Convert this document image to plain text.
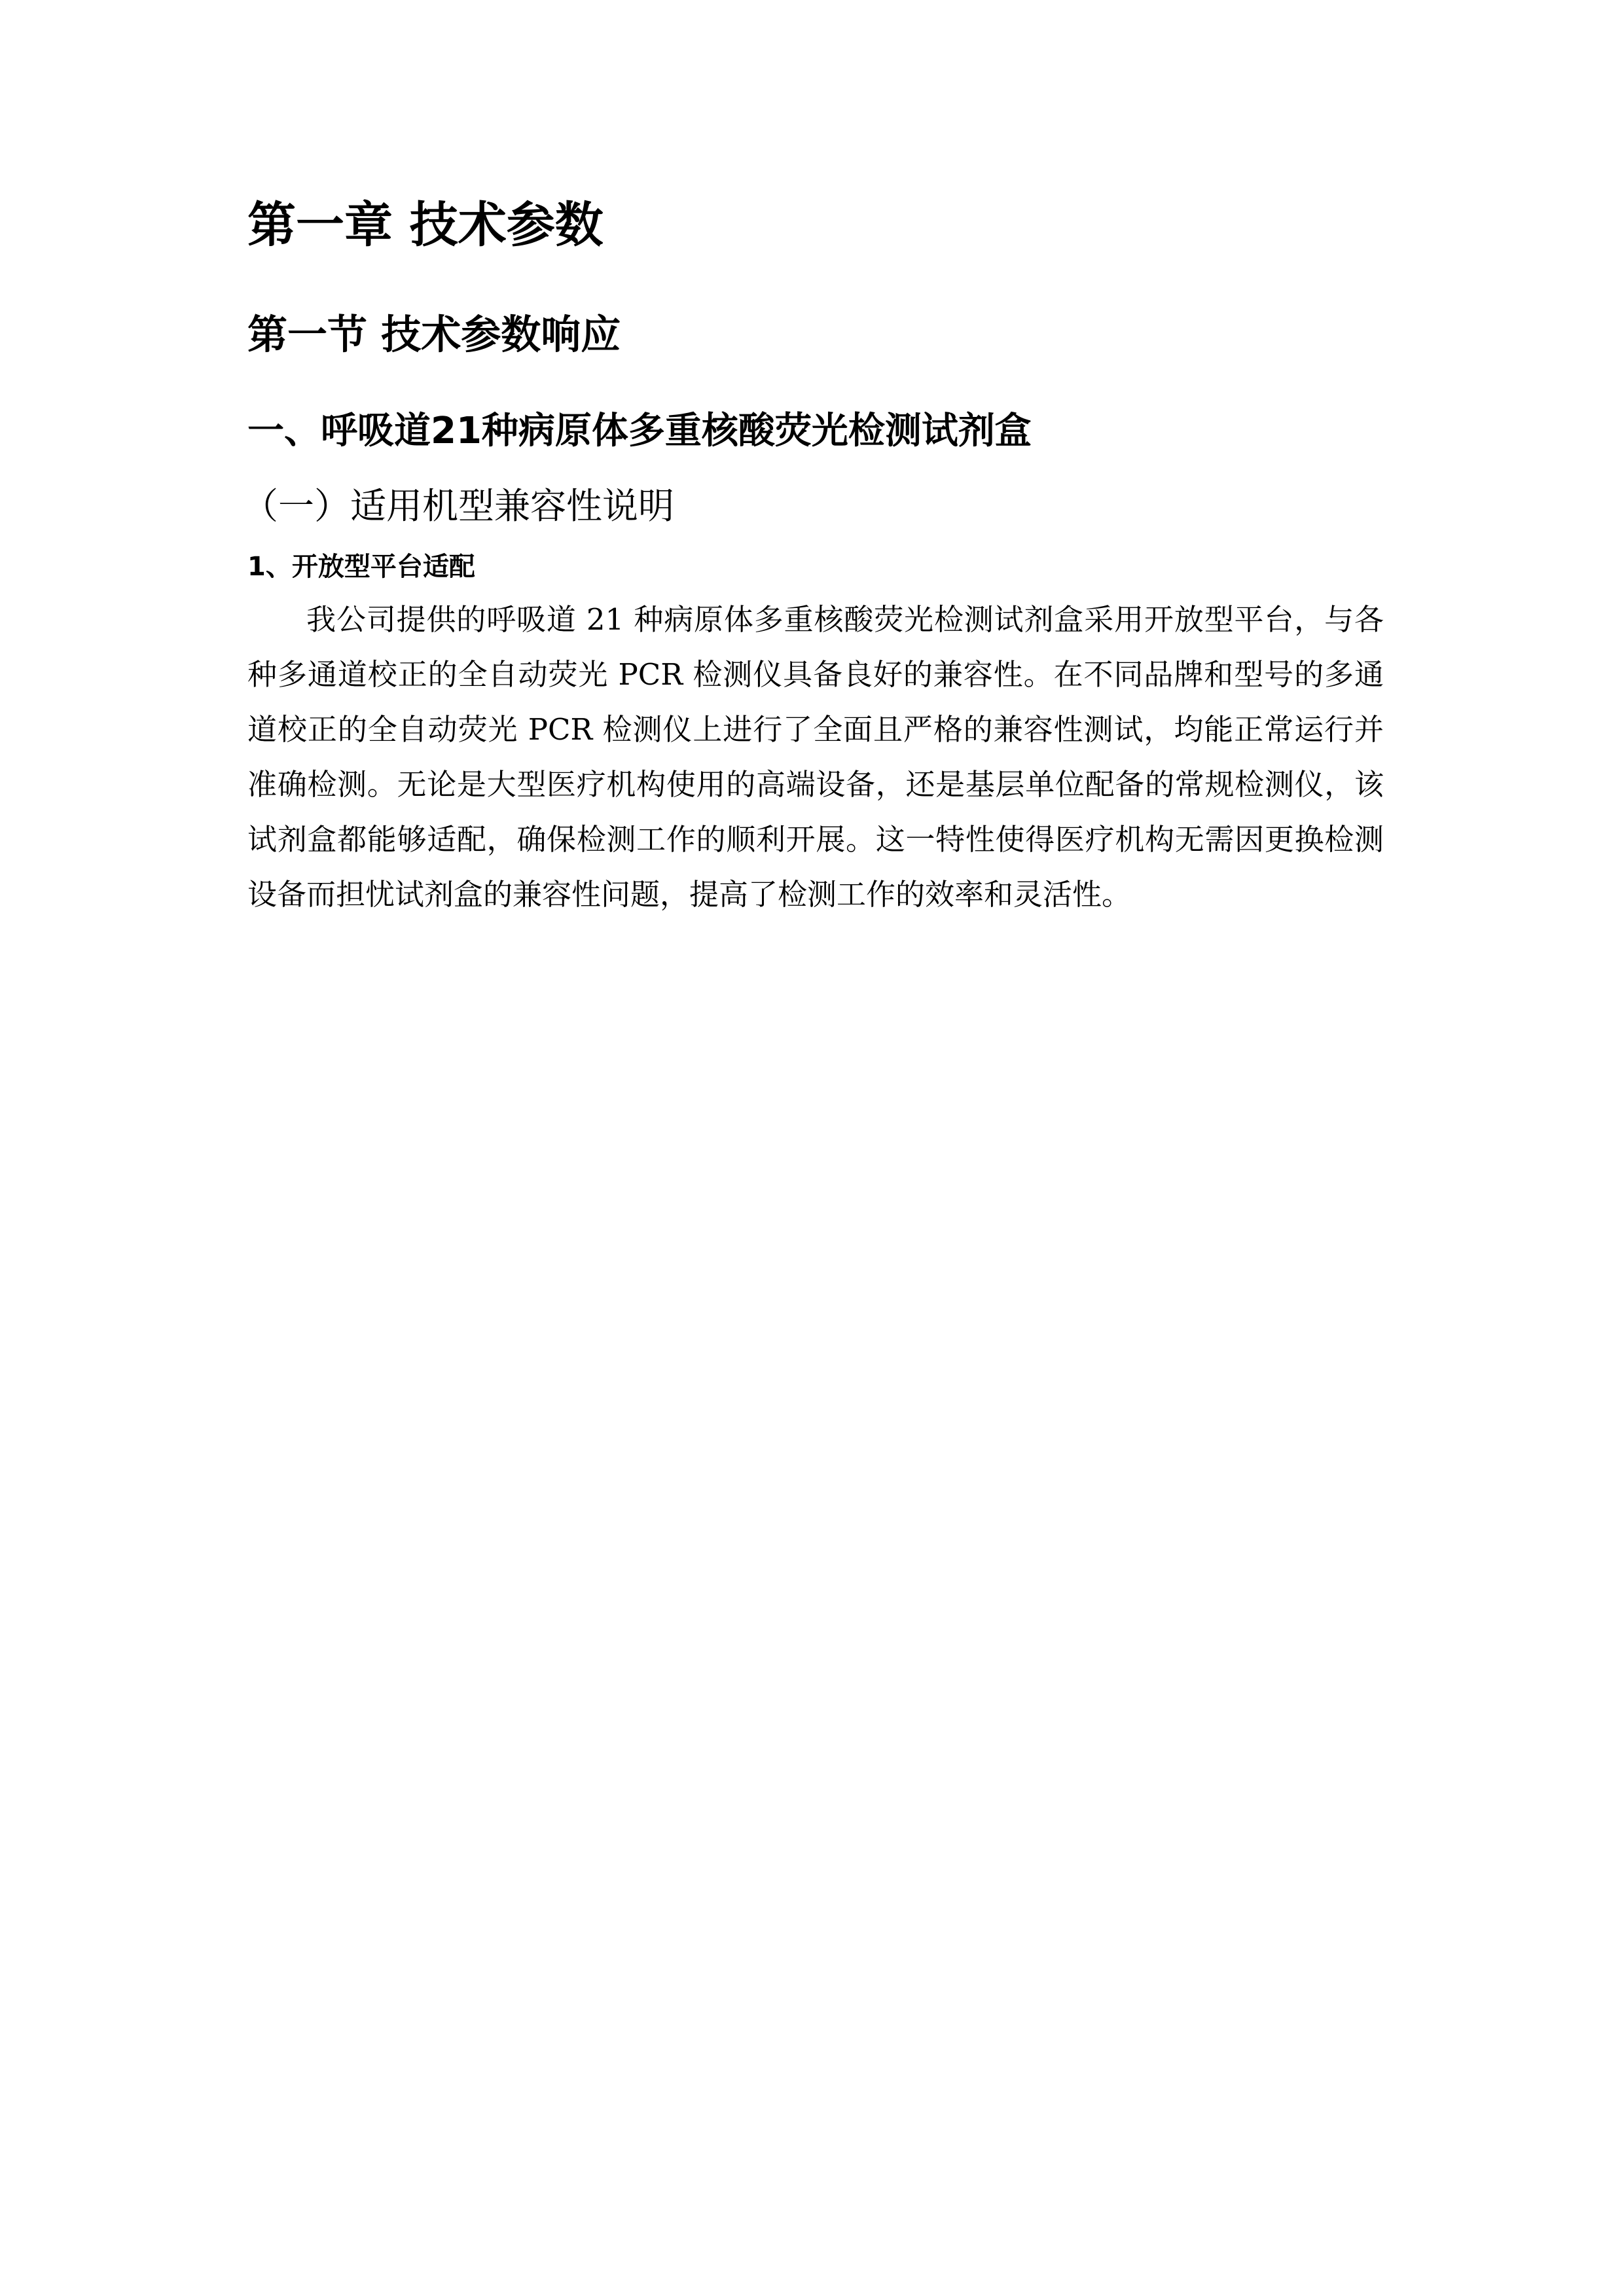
第一章 技术参数
第一节 技术参数响应
一、呼吸道21种病原体多重核酸荧光检测试剂盒
（一）适用机型兼容性说明
1、开放型平台适配

我公司提供的呼吸道 21 种病原体多重核酸荧光检测试剂盒采用开放型平台，与各种多通道校正的全自动荧光 PCR 检测仪具备良好的兼容性。在不同品牌和型号的多通道校正的全自动荧光 PCR 检测仪上进行了全面且严格的兼容性测试，均能正常运行并准确检测。无论是大型医疗机构使用的高端设备，还是基层单位配备的常规检测仪，该试剂盒都能够适配，确保检测工作的顺利开展。这一特性使得医疗机构无需因更换检测设备而担忧试剂盒的兼容性问题，提高了检测工作的效率和灵活性。
